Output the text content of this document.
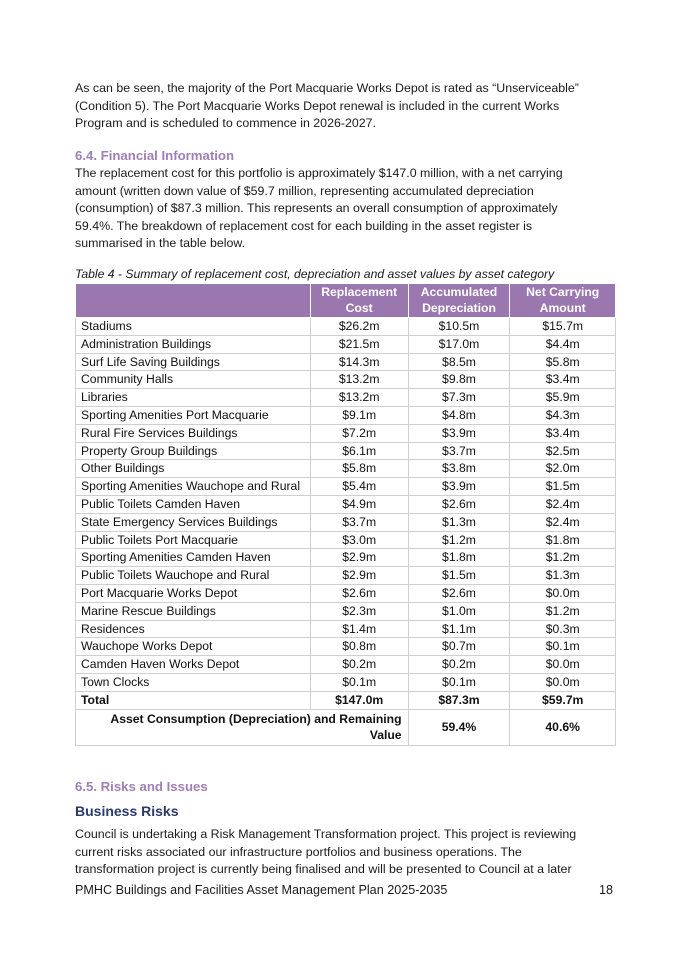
As can be seen, the majority of the Port Macquarie Works Depot is rated as “Unserviceable”

(Condition 5). The Port Macquarie Works Depot renewal is included in the current Works

Program and is scheduled to commence in 2026-2027.

6.4. Financial Information

The replacement cost for this portfolio is approximately $147.0 million, with a net carrying

amount (written down value of $59.7 million, representing accumulated depreciation

(consumption) of $87.3 million. This represents an overall consumption of approximately

59.4%. The breakdown of replacement cost for each building in the asset register is

summarised in the table below.

Table 4 - Summary of replacement cost, depreciation and asset values by asset category
	Replacement Cost	Accumulated Depreciation	Net Carrying Amount
Stadiums	$26.2m	$10.5m	$15.7m
Administration Buildings	$21.5m	$17.0m	$4.4m
Surf Life Saving Buildings	$14.3m	$8.5m	$5.8m
Community Halls	$13.2m	$9.8m	$3.4m
Libraries	$13.2m	$7.3m	$5.9m
Sporting Amenities Port Macquarie	$9.1m	$4.8m	$4.3m
Rural Fire Services Buildings	$7.2m	$3.9m	$3.4m
Property Group Buildings	$6.1m	$3.7m	$2.5m
Other Buildings	$5.8m	$3.8m	$2.0m
Sporting Amenities Wauchope and Rural	$5.4m	$3.9m	$1.5m
Public Toilets Camden Haven	$4.9m	$2.6m	$2.4m
State Emergency Services Buildings	$3.7m	$1.3m	$2.4m
Public Toilets Port Macquarie	$3.0m	$1.2m	$1.8m
Sporting Amenities Camden Haven	$2.9m	$1.8m	$1.2m
Public Toilets Wauchope and Rural	$2.9m	$1.5m	$1.3m
Port Macquarie Works Depot	$2.6m	$2.6m	$0.0m
Marine Rescue Buildings	$2.3m	$1.0m	$1.2m
Residences	$1.4m	$1.1m	$0.3m
Wauchope Works Depot	$0.8m	$0.7m	$0.1m
Camden Haven Works Depot	$0.2m	$0.2m	$0.0m
Town Clocks	$0.1m	$0.1m	$0.0m
Total	$147.0m	$87.3m	$59.7m
Asset Consumption (Depreciation) and Remaining Value		59.4%	40.6%
6.5. Risks and Issues
Business Risks

Council is undertaking a Risk Management Transformation project. This project is reviewing

current risks associated our infrastructure portfolios and business operations. The

transformation project is currently being finalised and will be presented to Council at a later

PMHC Buildings and Facilities Asset Management Plan 2025-2035	18
